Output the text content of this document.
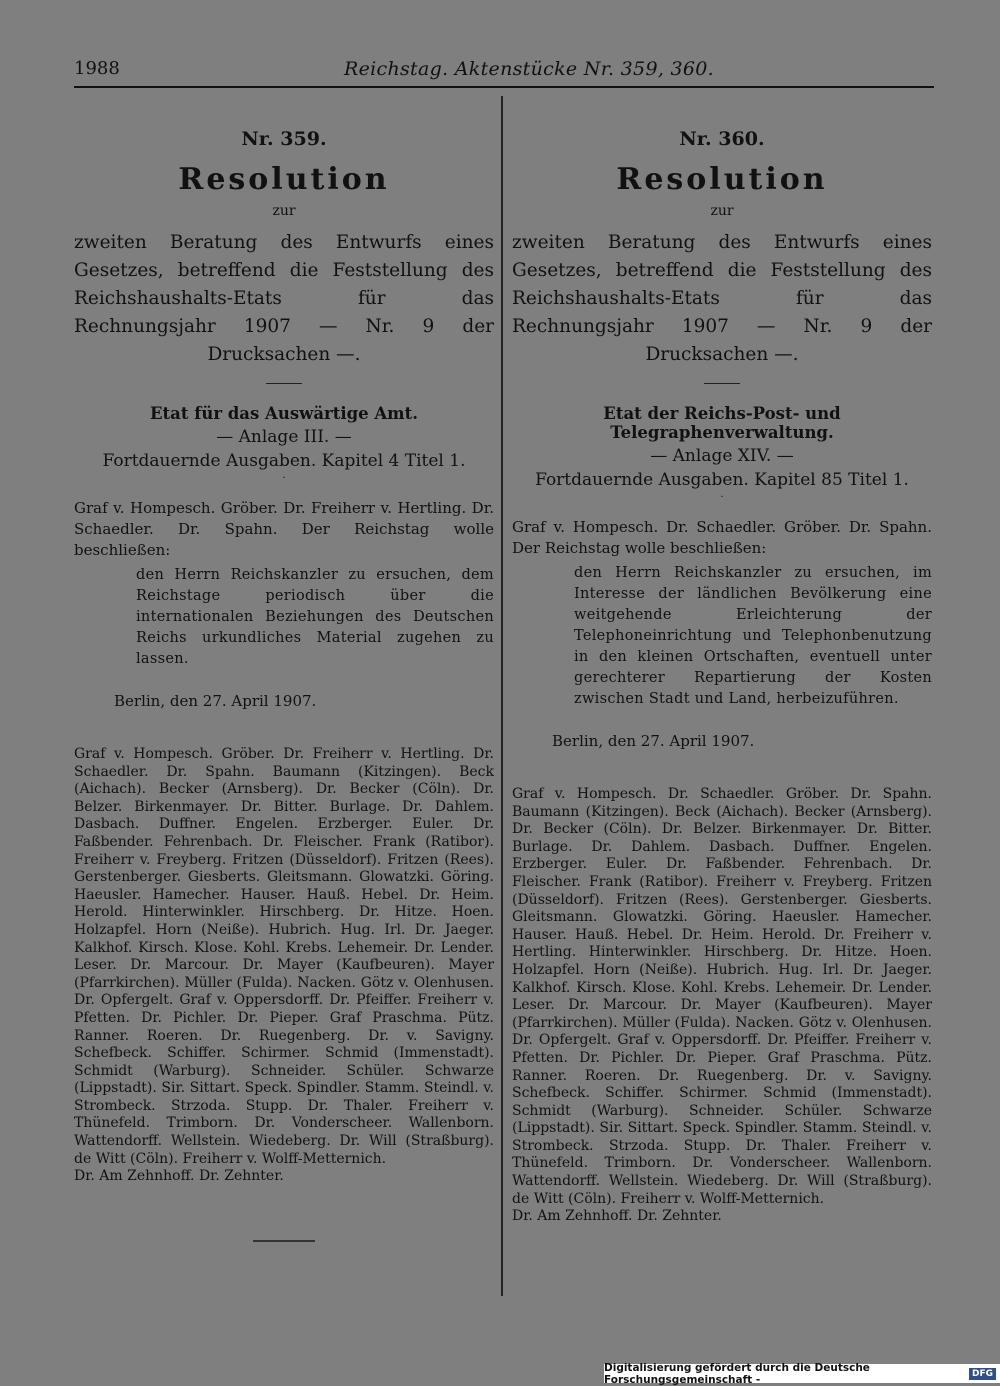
1988	Reichstag. Aktenstücke Nr. 359, 360.
Nr. 359.
Resolution
zur
zweiten Beratung des Entwurfs eines Gesetzes, betreffend die Feststellung des Reichshaushalts-Etats für das Rechnungsjahr 1907 — Nr. 9 der Drucksachen —.
Etat für das Auswärtige Amt.
— Anlage III. —
Fortdauernde Ausgaben. Kapitel 4 Titel 1.
·
Graf v. Hompesch. Gröber. Dr. Freiherr v. Hertling. Dr. Schaedler. Dr. Spahn. Der Reichstag wolle beschließen:
den Herrn Reichskanzler zu ersuchen, dem Reichstage periodisch über die internationalen Beziehungen des Deutschen Reichs urkundliches Material zugehen zu lassen.
Berlin, den 27. April 1907.
Graf v. Hompesch. Gröber. Dr. Freiherr v. Hertling. Dr. Schaedler. Dr. Spahn. Baumann (Kitzingen). Beck (Aichach). Becker (Arnsberg). Dr. Becker (Cöln). Dr. Belzer. Birkenmayer. Dr. Bitter. Burlage. Dr. Dahlem. Dasbach. Duffner. Engelen. Erzberger. Euler. Dr. Faßbender. Fehrenbach. Dr. Fleischer. Frank (Ratibor). Freiherr v. Freyberg. Fritzen (Düsseldorf). Fritzen (Rees). Gerstenberger. Giesberts. Gleitsmann. Glowatzki. Göring. Haeusler. Hamecher. Hauser. Hauß. Hebel. Dr. Heim. Herold. Hinterwinkler. Hirschberg. Dr. Hitze. Hoen. Holzapfel. Horn (Neiße). Hubrich. Hug. Irl. Dr. Jaeger. Kalkhof. Kirsch. Klose. Kohl. Krebs. Lehemeir. Dr. Lender. Leser. Dr. Marcour. Dr. Mayer (Kaufbeuren). Mayer (Pfarrkirchen). Müller (Fulda). Nacken. Götz v. Olenhusen. Dr. Opfergelt. Graf v. Oppersdorff. Dr. Pfeiffer. Freiherr v. Pfetten. Dr. Pichler. Dr. Pieper. Graf Praschma. Pütz. Ranner. Roeren. Dr. Ruegenberg. Dr. v. Savigny. Schefbeck. Schiffer. Schirmer. Schmid (Immenstadt). Schmidt (Warburg). Schneider. Schüler. Schwarze (Lippstadt). Sir. Sittart. Speck. Spindler. Stamm. Steindl. v. Strombeck. Strzoda. Stupp. Dr. Thaler. Freiherr v. Thünefeld. Trimborn. Dr. Vonderscheer. Wallenborn. Wattendorff. Wellstein. Wiedeberg. Dr. Will (Straßburg). de Witt (Cöln). Freiherr v. Wolff-Metternich.
Dr. Am Zehnhoff. Dr. Zehnter.
Nr. 360.
Resolution
zur
zweiten Beratung des Entwurfs eines Gesetzes, betreffend die Feststellung des Reichshaushalts-Etats für das Rechnungsjahr 1907 — Nr. 9 der Drucksachen —.
Etat der Reichs-Post- und Telegraphenverwaltung.
— Anlage XIV. —
Fortdauernde Ausgaben. Kapitel 85 Titel 1.
·
Graf v. Hompesch. Dr. Schaedler. Gröber. Dr. Spahn. Der Reichstag wolle beschließen:
den Herrn Reichskanzler zu ersuchen, im Interesse der ländlichen Bevölkerung eine weitgehende Erleichterung der Telephoneinrichtung und Telephonbenutzung in den kleinen Ortschaften, eventuell unter gerechterer Repartierung der Kosten zwischen Stadt und Land, herbeizuführen.
Berlin, den 27. April 1907.
Graf v. Hompesch. Dr. Schaedler. Gröber. Dr. Spahn. Baumann (Kitzingen). Beck (Aichach). Becker (Arnsberg). Dr. Becker (Cöln). Dr. Belzer. Birkenmayer. Dr. Bitter. Burlage. Dr. Dahlem. Dasbach. Duffner. Engelen. Erzberger. Euler. Dr. Faßbender. Fehrenbach. Dr. Fleischer. Frank (Ratibor). Freiherr v. Freyberg. Fritzen (Düsseldorf). Fritzen (Rees). Gerstenberger. Giesberts. Gleitsmann. Glowatzki. Göring. Haeusler. Hamecher. Hauser. Hauß. Hebel. Dr. Heim. Herold. Dr. Freiherr v. Hertling. Hinterwinkler. Hirschberg. Dr. Hitze. Hoen. Holzapfel. Horn (Neiße). Hubrich. Hug. Irl. Dr. Jaeger. Kalkhof. Kirsch. Klose. Kohl. Krebs. Lehemeir. Dr. Lender. Leser. Dr. Marcour. Dr. Mayer (Kaufbeuren). Mayer (Pfarrkirchen). Müller (Fulda). Nacken. Götz v. Olenhusen. Dr. Opfergelt. Graf v. Oppersdorff. Dr. Pfeiffer. Freiherr v. Pfetten. Dr. Pichler. Dr. Pieper. Graf Praschma. Pütz. Ranner. Roeren. Dr. Ruegenberg. Dr. v. Savigny. Schefbeck. Schiffer. Schirmer. Schmid (Immenstadt). Schmidt (Warburg). Schneider. Schüler. Schwarze (Lippstadt). Sir. Sittart. Speck. Spindler. Stamm. Steindl. v. Strombeck. Strzoda. Stupp. Dr. Thaler. Freiherr v. Thünefeld. Trimborn. Dr. Vonderscheer. Wallenborn. Wattendorff. Wellstein. Wiedeberg. Dr. Will (Straßburg). de Witt (Cöln). Freiherr v. Wolff-Metternich.
Dr. Am Zehnhoff. Dr. Zehnter.
Digitalisierung gefördert durch die Deutsche Forschungsgemeinschaft -	DFG
